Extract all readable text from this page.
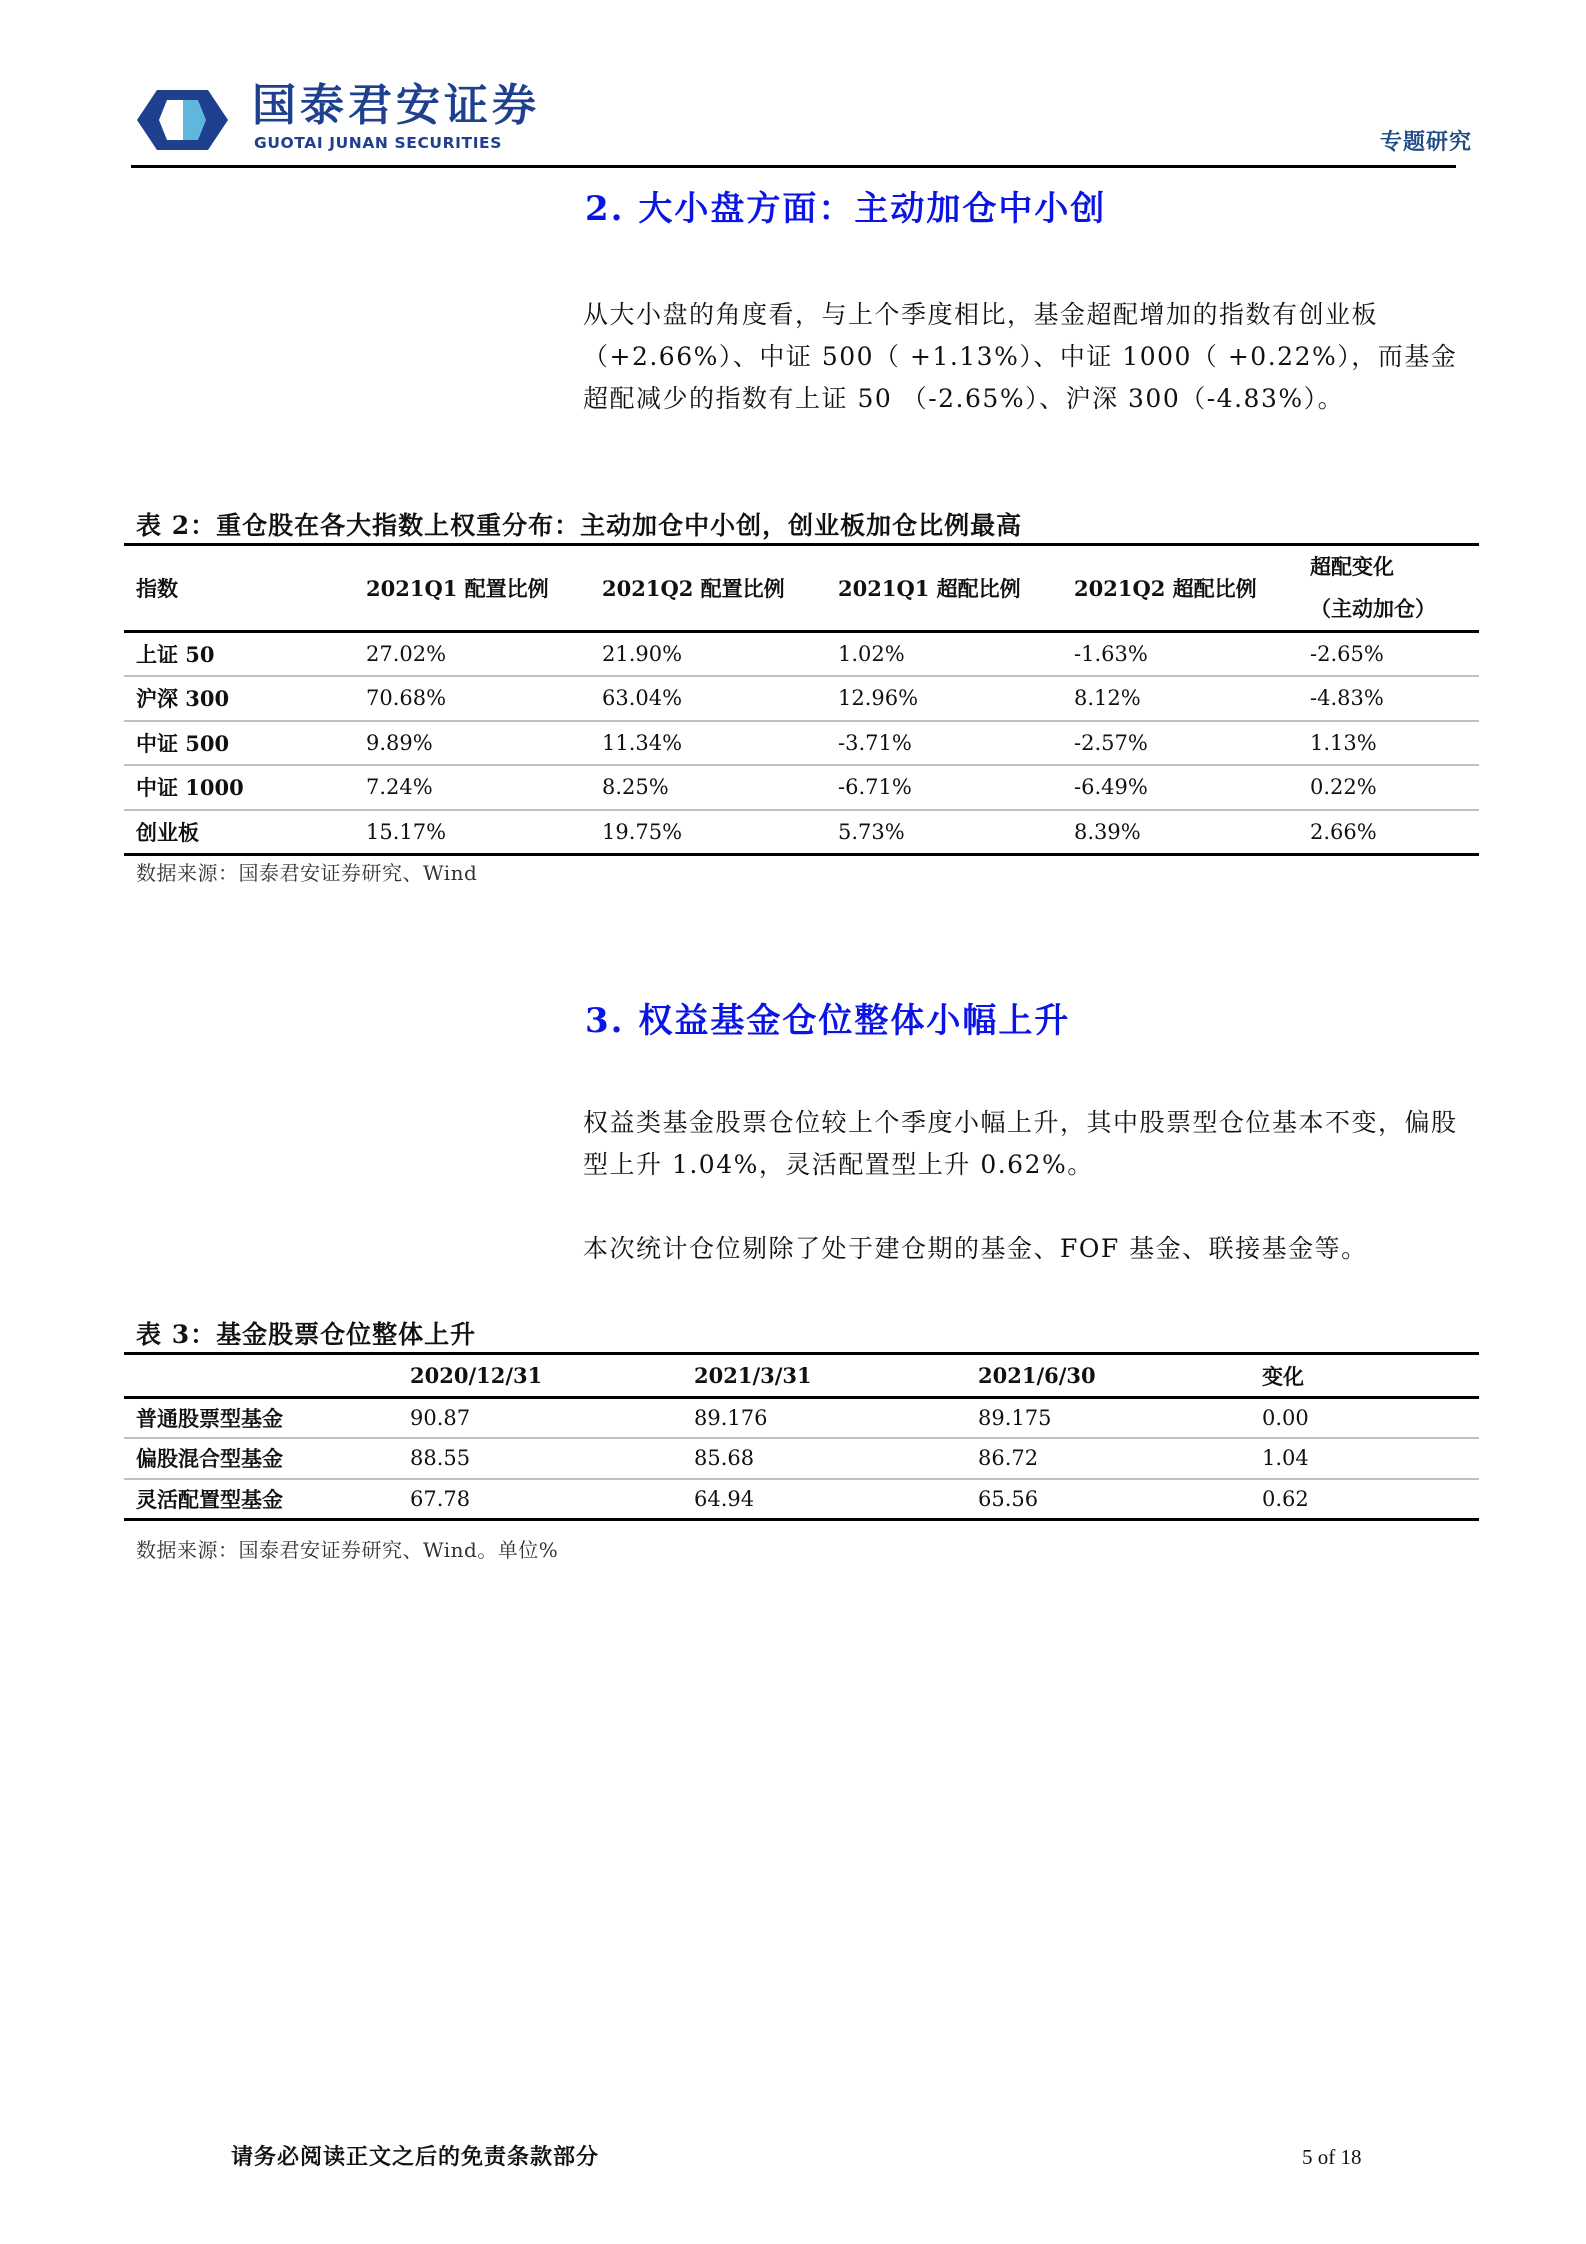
国泰君安证券
GUOTAI JUNAN SECURITIES	专题研究
2. 大小盘方面：主动加仓中小创
从大小盘的角度看，与上个季度相比，基金超配增加的指数有创业板（+2.66%）、中证 500（ +1.13%）、中证 1000（ +0.22%），而基金超配减少的指数有上证 50 （-2.65%）、沪深 300（-4.83%）。
表 2：重仓股在各大指数上权重分布：主动加仓中小创，创业板加仓比例最高
指数	2021Q1 配置比例	2021Q2 配置比例	2021Q1 超配比例	2021Q2 超配比例	超配变化
（主动加仓）

上证 50	27.02%	21.90%	1.02%	-1.63%	-2.65%
沪深 300	70.68%	63.04%	12.96%	8.12%	-4.83%
中证 500	9.89%	11.34%	-3.71%	-2.57%	1.13%
中证 1000	7.24%	8.25%	-6.71%	-6.49%	0.22%
创业板	15.17%	19.75%	5.73%	8.39%	2.66%
数据来源：国泰君安证券研究、Wind
3. 权益基金仓位整体小幅上升
权益类基金股票仓位较上个季度小幅上升，其中股票型仓位基本不变，偏股型上升 1.04%，灵活配置型上升 0.62%。
本次统计仓位剔除了处于建仓期的基金、FOF 基金、联接基金等。
表 3：基金股票仓位整体上升
	2020/12/31	2021/3/31	2021/6/30	变化
普通股票型基金	90.87	89.176	89.175	0.00
偏股混合型基金	88.55	85.68	86.72	1.04
灵活配置型基金	67.78	64.94	65.56	0.62
数据来源：国泰君安证券研究、Wind。单位%
请务必阅读正文之后的免责条款部分	5 of 18
